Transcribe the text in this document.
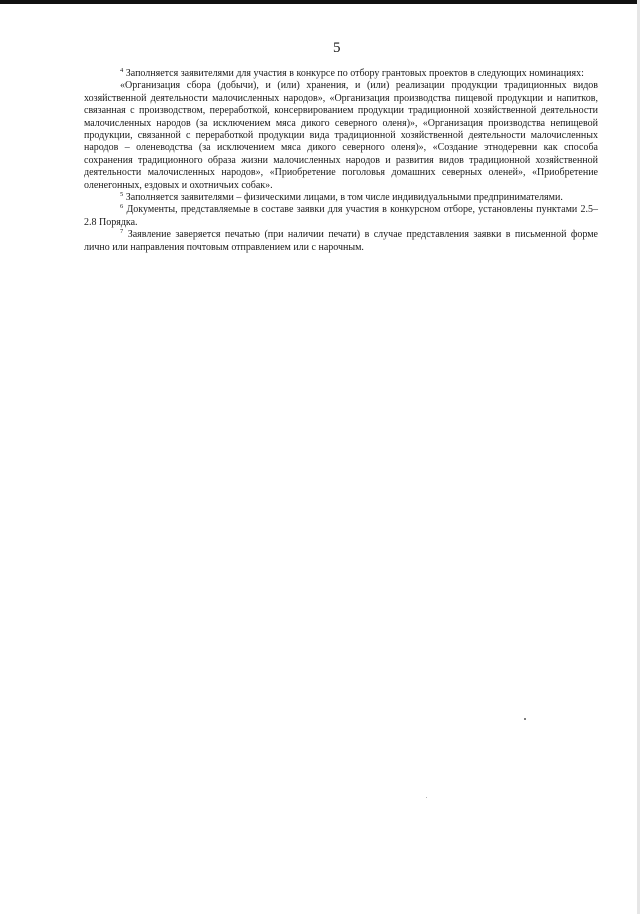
5

$^4$ Заполняется заявителями для участия в конкурсе по отбору грантовых проектов в следующих номинациях:

«Организация сбора (добычи), и (или) хранения, и (или) реализации продукции традиционных видов хозяйственной деятельности малочисленных народов», «Организация производства пищевой продукции и напитков, связанная с производством, переработкой, консервированием продукции традиционной хозяйственной деятельности малочисленных народов (за исключением мяса дикого северного оленя)», «Организация производства непищевой продукции, связанной с переработкой продукции вида традиционной хозяйственной деятельности малочисленных народов – оленеводства (за исключением мяса дикого северного оленя)», «Создание этнодеревни как способа сохранения традиционного образа жизни малочисленных народов и развития видов традиционной хозяйственной деятельности малочисленных народов», «Приобретение поголовья домашних северных оленей», «Приобретение оленегонных, ездовых и охотничьих собак».

$^5$ Заполняется заявителями – физическими лицами, в том числе индивидуальными предпринимателями.

$^6$ Документы, представляемые в составе заявки для участия в конкурсном отборе, установлены пунктами 2.5–2.8 Порядка.

$^7$ Заявление заверяется печатью (при наличии печати) в случае представления заявки в письменной форме лично или направления почтовым отправлением или с нарочным.
